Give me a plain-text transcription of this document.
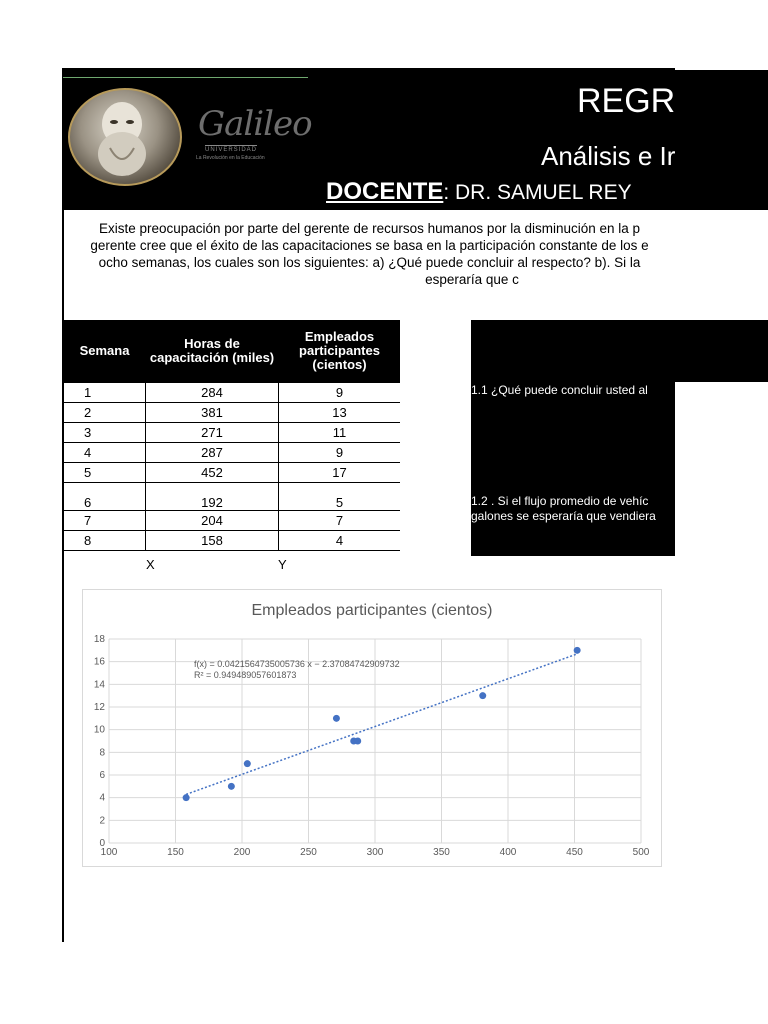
Galileo
UNIVERSIDAD
La Revolución en la Educación
REGR
Análisis e Ir
DOCENTE: DR. SAMUEL REY
Existe preocupación por parte del gerente de recursos humanos por la disminución en la p
gerente cree que el éxito de las capacitaciones se basa en la participación constante de los e
ocho semanas, los cuales son los siguientes: a) ¿Qué puede concluir al respecto? b). Si la
esperaría que c
Semana	Horas de capacitación (miles)	Empleados participantes (cientos)
1	284	9
2	381	13
3	271	11
4	287	9
5	452	17
6	192	5
7	204	7
8	158	4
1.1 ¿Qué puede concluir usted al
1.2 . Si el flujo promedio de vehíc
galones se esperaría que vendiera
X	Y
Empleados participantes (cientos)
0
2
4
6
8
10
12
14
16
18
100	150	200	250	300	350	400	450	500
f(x) = 0.0421564735005736 x − 2.37084742909732
R² = 0.949489057601873
